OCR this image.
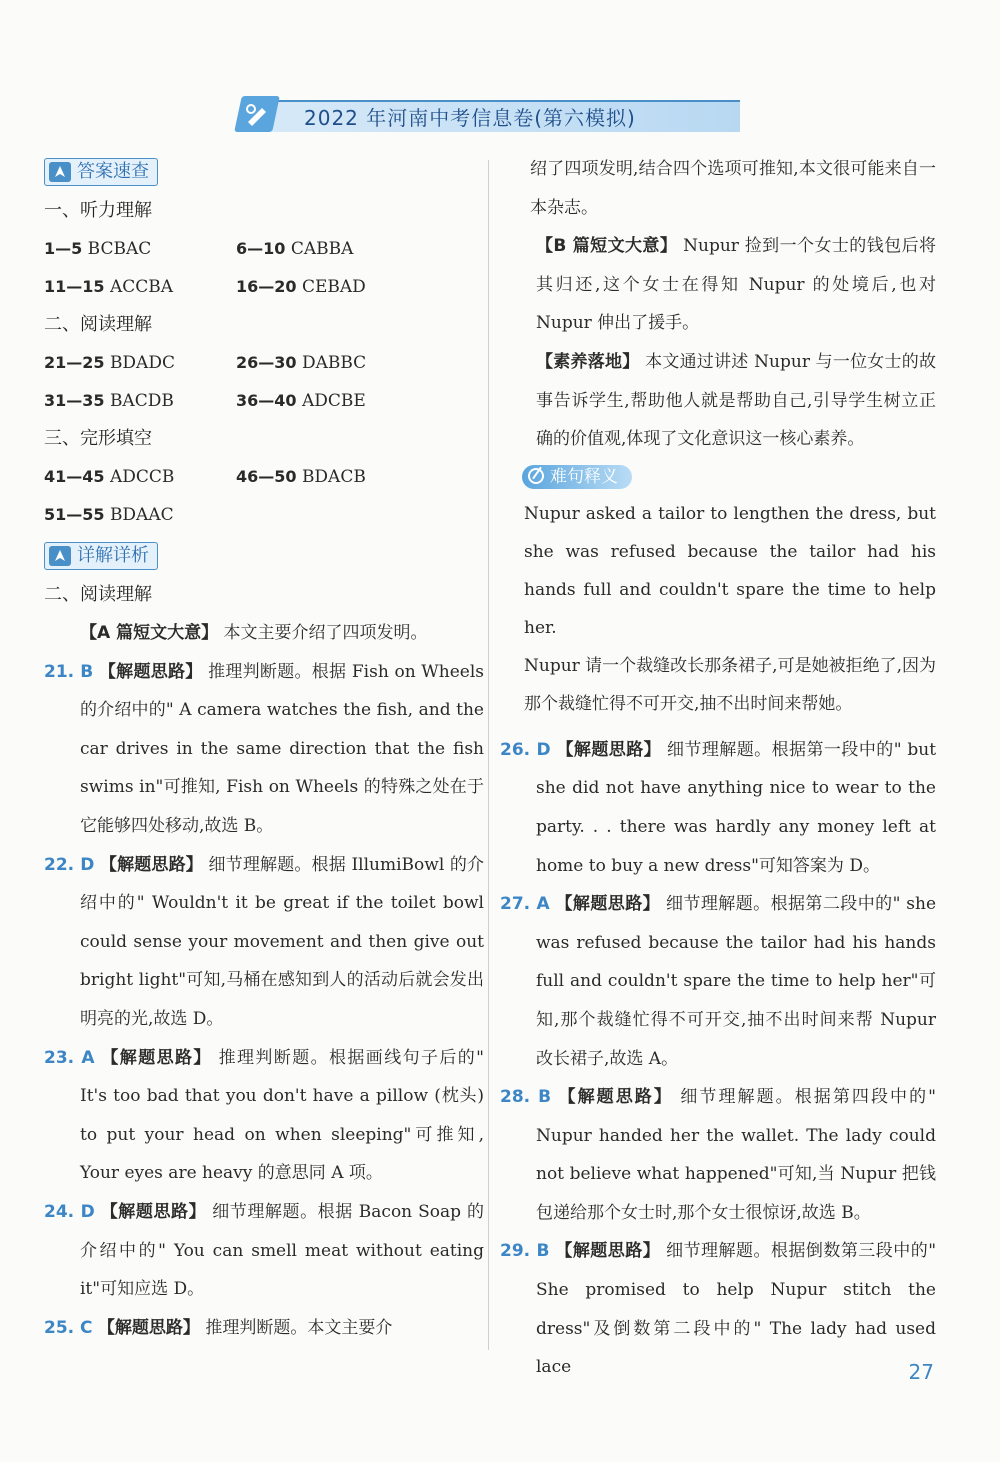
2022 年河南中考信息卷(第六模拟)
答案速查
一、听力理解
1—5 BCBAC	6—10 CABBA
11—15 ACCBA	16—20 CEBAD
二、阅读理解
21—25 BDADC	26—30 DABBC
31—35 BACDB	36—40 ADCBE
三、完形填空
41—45 ADCCB	46—50 BDACB
51—55 BDAAC
详解详析
二、阅读理解
【A 篇短文大意】 本文主要介绍了四项发明。
21. B 【解题思路】 推理判断题。根据 Fish on Wheels 的介绍中的" A camera watches the fish, and the car drives in the same direction that the fish swims in"可推知, Fish on Wheels 的特殊之处在于它能够四处移动,故选 B。
22. D 【解题思路】 细节理解题。根据 IllumiBowl 的介绍中的" Wouldn't it be great if the toilet bowl could sense your movement and then give out bright light"可知,马桶在感知到人的活动后就会发出明亮的光,故选 D。
23. A 【解题思路】 推理判断题。根据画线句子后的" It's too bad that you don't have a pillow (枕头) to put your head on when sleeping"可推知, Your eyes are heavy 的意思同 A 项。
24. D 【解题思路】 细节理解题。根据 Bacon Soap 的介绍中的" You can smell meat without eating it"可知应选 D。
25. C 【解题思路】 推理判断题。本文主要介
绍了四项发明,结合四个选项可推知,本文很可能来自一本杂志。
【B 篇短文大意】 Nupur 捡到一个女士的钱包后将其归还,这个女士在得知 Nupur 的处境后,也对 Nupur 伸出了援手。
【素养落地】 本文通过讲述 Nupur 与一位女士的故事告诉学生,帮助他人就是帮助自己,引导学生树立正确的价值观,体现了文化意识这一核心素养。
难句释义
Nupur asked a tailor to lengthen the dress, but she was refused because the tailor had his hands full and couldn't spare the time to help her.
Nupur 请一个裁缝改长那条裙子,可是她被拒绝了,因为那个裁缝忙得不可开交,抽不出时间来帮她。
26. D 【解题思路】 细节理解题。根据第一段中的" but she did not have anything nice to wear to the party. . . there was hardly any money left at home to buy a new dress"可知答案为 D。
27. A 【解题思路】 细节理解题。根据第二段中的" she was refused because the tailor had his hands full and couldn't spare the time to help her"可知,那个裁缝忙得不可开交,抽不出时间来帮 Nupur 改长裙子,故选 A。
28. B 【解题思路】 细节理解题。根据第四段中的" Nupur handed her the wallet. The lady could not believe what happened"可知,当 Nupur 把钱包递给那个女士时,那个女士很惊讶,故选 B。
29. B 【解题思路】 细节理解题。根据倒数第三段中的" She promised to help Nupur stitch the dress"及倒数第二段中的" The lady had used lace	27
